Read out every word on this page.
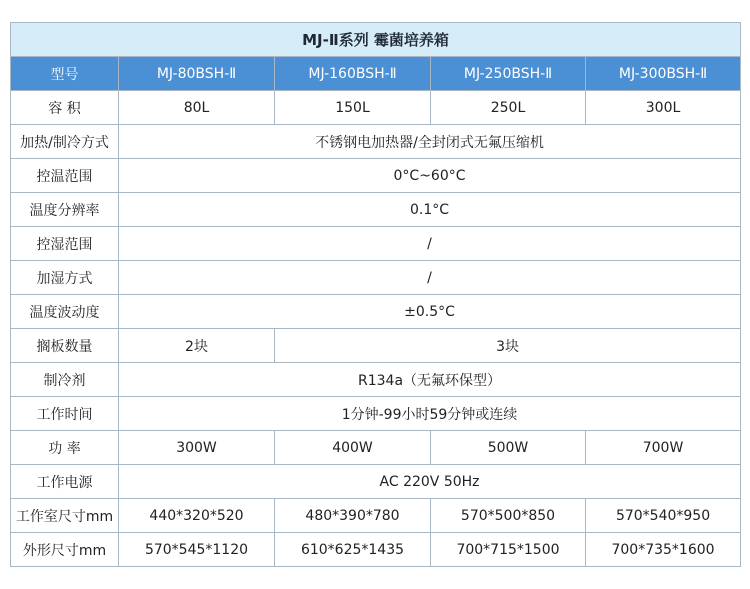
MJ-Ⅱ系列 霉菌培养箱				
型号	MJ-80BSH-Ⅱ	MJ-160BSH-Ⅱ	MJ-250BSH-Ⅱ	MJ-300BSH-Ⅱ
容 积	80L	150L	250L	300L
加热/制冷方式	不锈钢电加热器/全封闭式无氟压缩机			
控温范围	0°C~60°C			
温度分辨率	0.1°C			
控湿范围	/			
加湿方式	/			
温度波动度	±0.5°C			
搁板数量	2块	3块		
制冷剂	R134a（无氟环保型）			
工作时间	1分钟-99小时59分钟或连续			
功 率	300W	400W	500W	700W
工作电源	AC 220V 50Hz			
工作室尺寸mm	440*320*520	480*390*780	570*500*850	570*540*950
外形尺寸mm	570*545*1120	610*625*1435	700*715*1500	700*735*1600
